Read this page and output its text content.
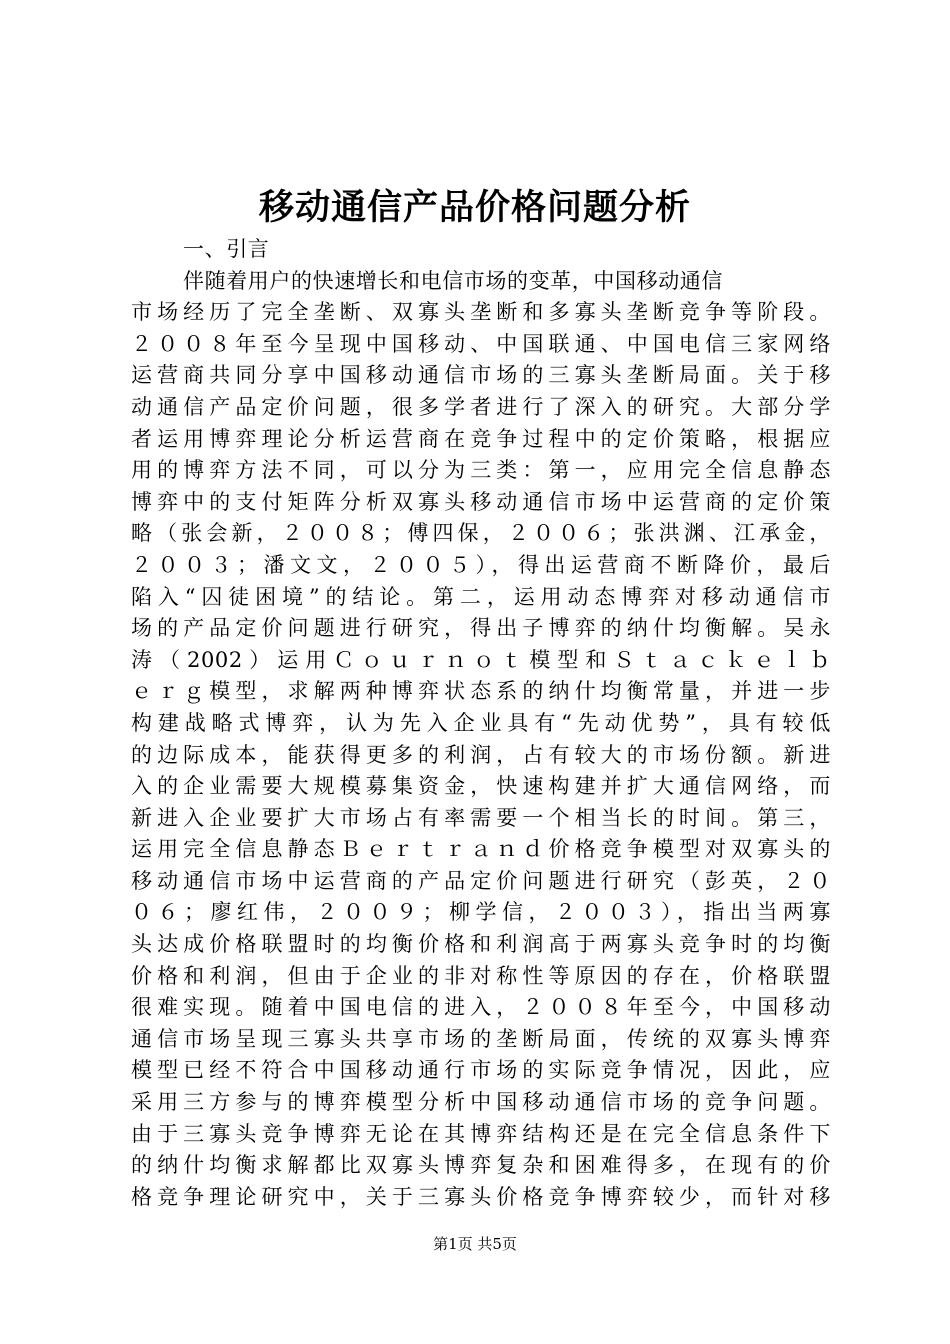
移动通信产品价格问题分析
一、引言
伴随着用户的快速增长和电信市场的变革，中国移动通信
市场经历了完全垄断、双寡头垄断和多寡头垄断竞争等阶段。
２００８年至今呈现中国移动、中国联通、中国电信三家网络
运营商共同分享中国移动通信市场的三寡头垄断局面。关于移
动通信产品定价问题，很多学者进行了深入的研究。大部分学
者运用博弈理论分析运营商在竞争过程中的定价策略，根据应
用的博弈方法不同，可以分为三类：第一，应用完全信息静态
博弈中的支付矩阵分析双寡头移动通信市场中运营商的定价策
略（张会新，２００８；傅四保，２００６；张洪渊、江承金，
２００３；潘文文，２００５），得出运营商不断降价，最后
陷入“囚徒困境”的结论。第二，运用动态博弈对移动通信市
场的产品定价问题进行研究，得出子博弈的纳什均衡解。吴永
涛（2002）运用Ｃｏｕｒｎｏｔ模型和Ｓｔａｃｋｅｌｂ
ｅｒｇ模型，求解两种博弈状态系的纳什均衡常量，并进一步
构建战略式博弈，认为先入企业具有“先动优势”，具有较低
的边际成本，能获得更多的利润，占有较大的市场份额。新进
入的企业需要大规模募集资金，快速构建并扩大通信网络，而
新进入企业要扩大市场占有率需要一个相当长的时间。第三，
运用完全信息静态Ｂｅｒｔｒａｎｄ价格竞争模型对双寡头的
移动通信市场中运营商的产品定价问题进行研究（彭英，２０
０６；廖红伟，２００９；柳学信，２００３），指出当两寡
头达成价格联盟时的均衡价格和利润高于两寡头竞争时的均衡
价格和利润，但由于企业的非对称性等原因的存在，价格联盟
很难实现。随着中国电信的进入，２００８年至今，中国移动
通信市场呈现三寡头共享市场的垄断局面，传统的双寡头博弈
模型已经不符合中国移动通行市场的实际竞争情况，因此，应
采用三方参与的博弈模型分析中国移动通信市场的竞争问题。
由于三寡头竞争博弈无论在其博弈结构还是在完全信息条件下
的纳什均衡求解都比双寡头博弈复杂和困难得多，在现有的价
格竞争理论研究中，关于三寡头价格竞争博弈较少，而针对移
第1页 共5页
